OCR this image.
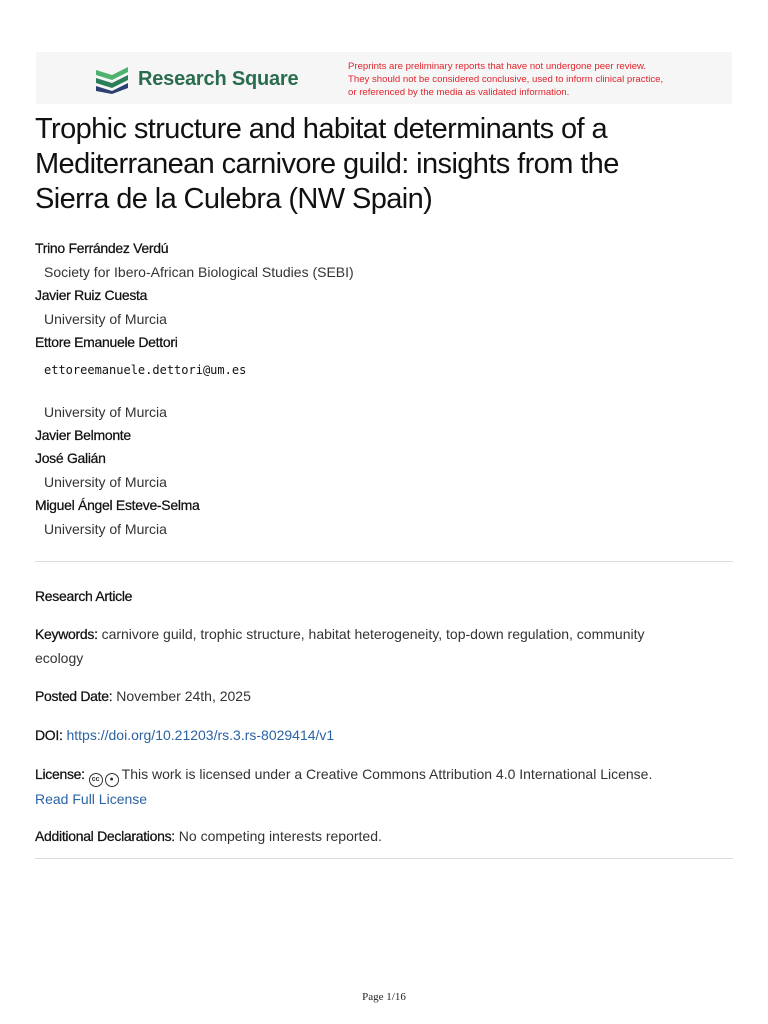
Research Square
Preprints are preliminary reports that have not undergone peer review.
They should not be considered conclusive, used to inform clinical practice,
or referenced by the media as validated information.
Trophic structure and habitat determinants of a
Mediterranean carnivore guild: insights from the
Sierra de la Culebra (NW Spain)
Trino Ferrández Verdú
Society for Ibero-African Biological Studies (SEBI)
Javier Ruiz Cuesta
University of Murcia
Ettore Emanuele Dettori
ettoreemanuele.dettori@um.es
University of Murcia
Javier Belmonte
José Galián
University of Murcia
Miguel Ángel Esteve-Selma
University of Murcia
Research Article
Keywords: carnivore guild, trophic structure, habitat heterogeneity, top-down regulation, community
ecology
Posted Date: November 24th, 2025
DOI: https://doi.org/10.21203/rs.3.rs-8029414/v1
License: cc	● This work is licensed under a Creative Commons Attribution 4.0 International License.
Read Full License
Additional Declarations: No competing interests reported.
Page 1/16
